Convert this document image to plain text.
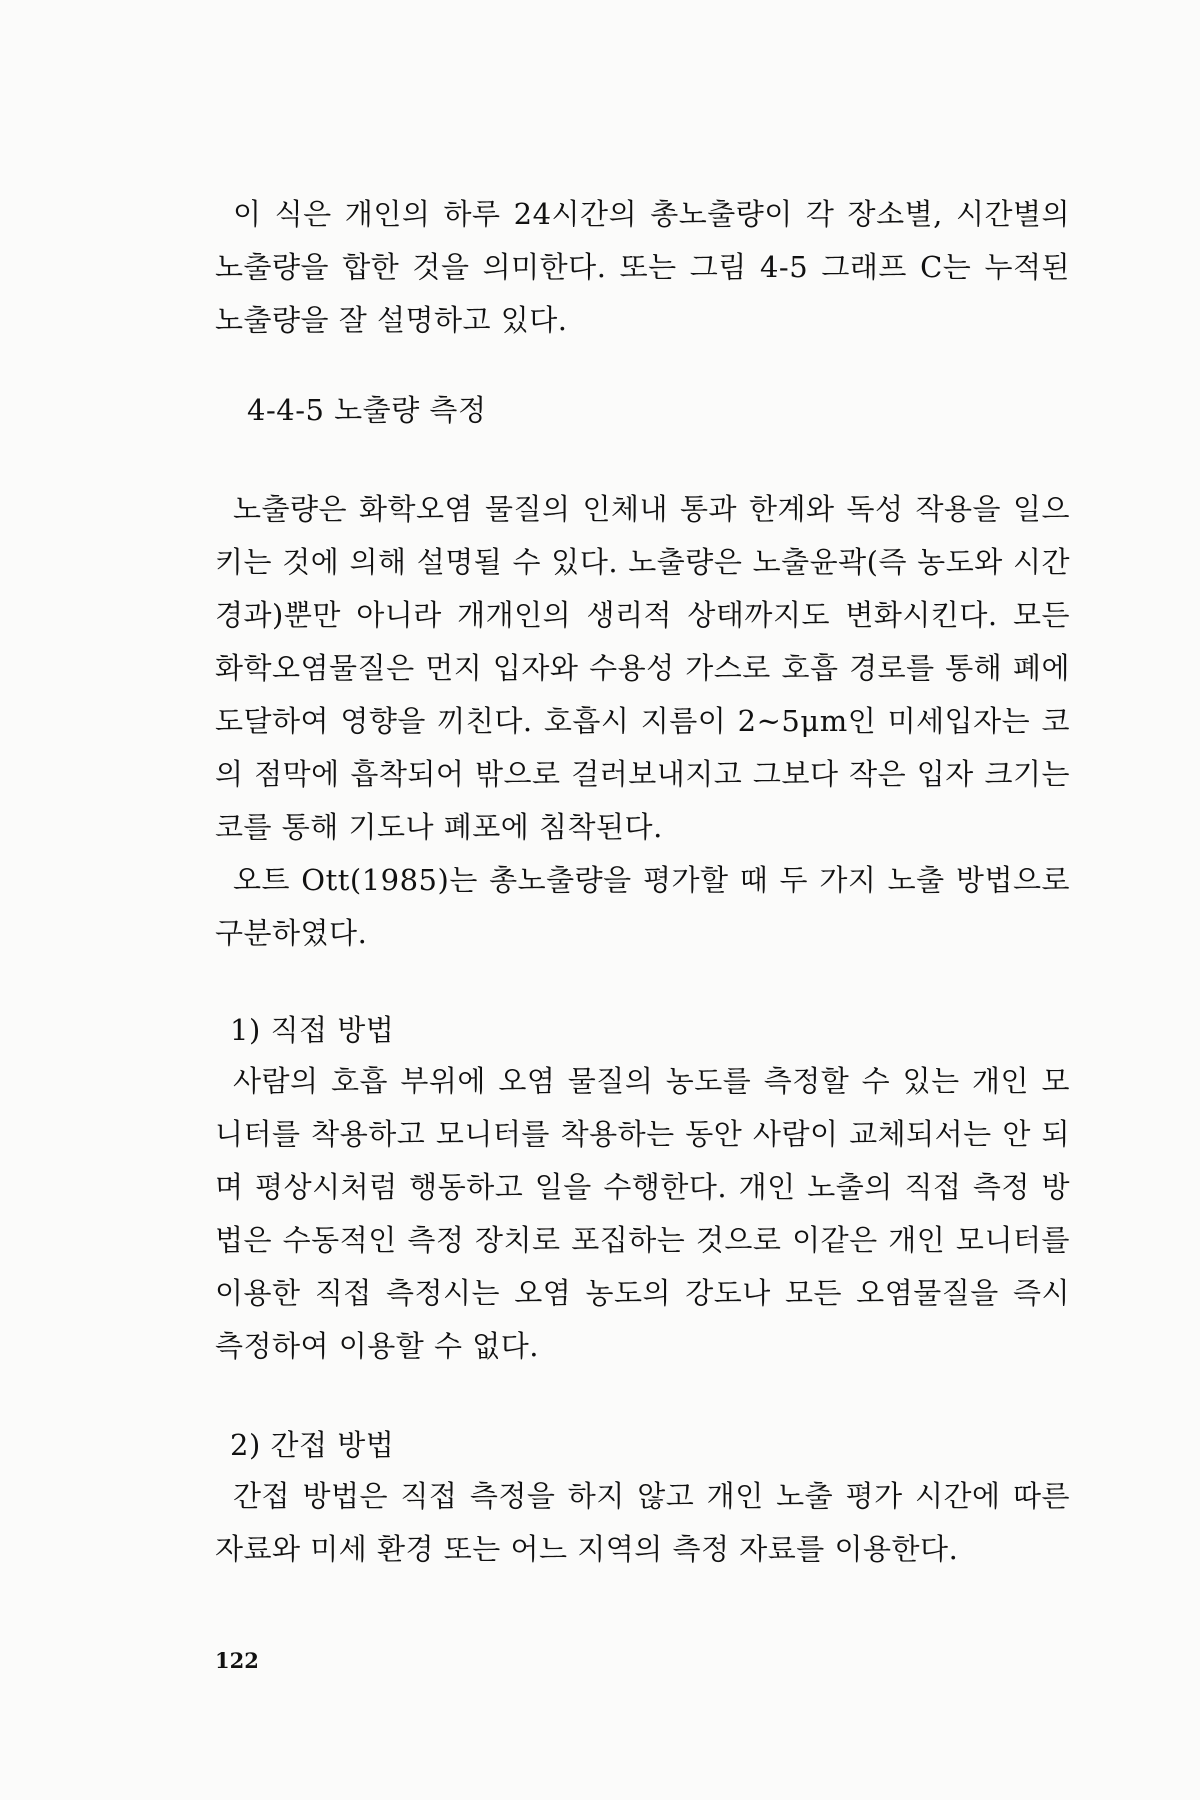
이 식은 개인의 하루 24시간의 총노출량이 각 장소별, 시간별의 노출량을 합한 것을 의미한다. 또는 그림 4-5 그래프 C는 누적된 노출량을 잘 설명하고 있다.

4-4-5 노출량 측정

노출량은 화학오염 물질의 인체내 통과 한계와 독성 작용을 일으키는 것에 의해 설명될 수 있다. 노출량은 노출윤곽(즉 농도와 시간 경과)뿐만 아니라 개개인의 생리적 상태까지도 변화시킨다. 모든 화학오염물질은 먼지 입자와 수용성 가스로 호흡 경로를 통해 폐에 도달하여 영향을 끼친다. 호흡시 지름이 2~5μm인 미세입자는 코의 점막에 흡착되어 밖으로 걸러보내지고 그보다 작은 입자 크기는 코를 통해 기도나 폐포에 침착된다.

오트 Ott(1985)는 총노출량을 평가할 때 두 가지 노출 방법으로 구분하였다.

1) 직접 방법

사람의 호흡 부위에 오염 물질의 농도를 측정할 수 있는 개인 모니터를 착용하고 모니터를 착용하는 동안 사람이 교체되서는 안 되며 평상시처럼 행동하고 일을 수행한다. 개인 노출의 직접 측정 방법은 수동적인 측정 장치로 포집하는 것으로 이같은 개인 모니터를 이용한 직접 측정시는 오염 농도의 강도나 모든 오염물질을 즉시 측정하여 이용할 수 없다.

2) 간접 방법

간접 방법은 직접 측정을 하지 않고 개인 노출 평가 시간에 따른 자료와 미세 환경 또는 어느 지역의 측정 자료를 이용한다.

122
